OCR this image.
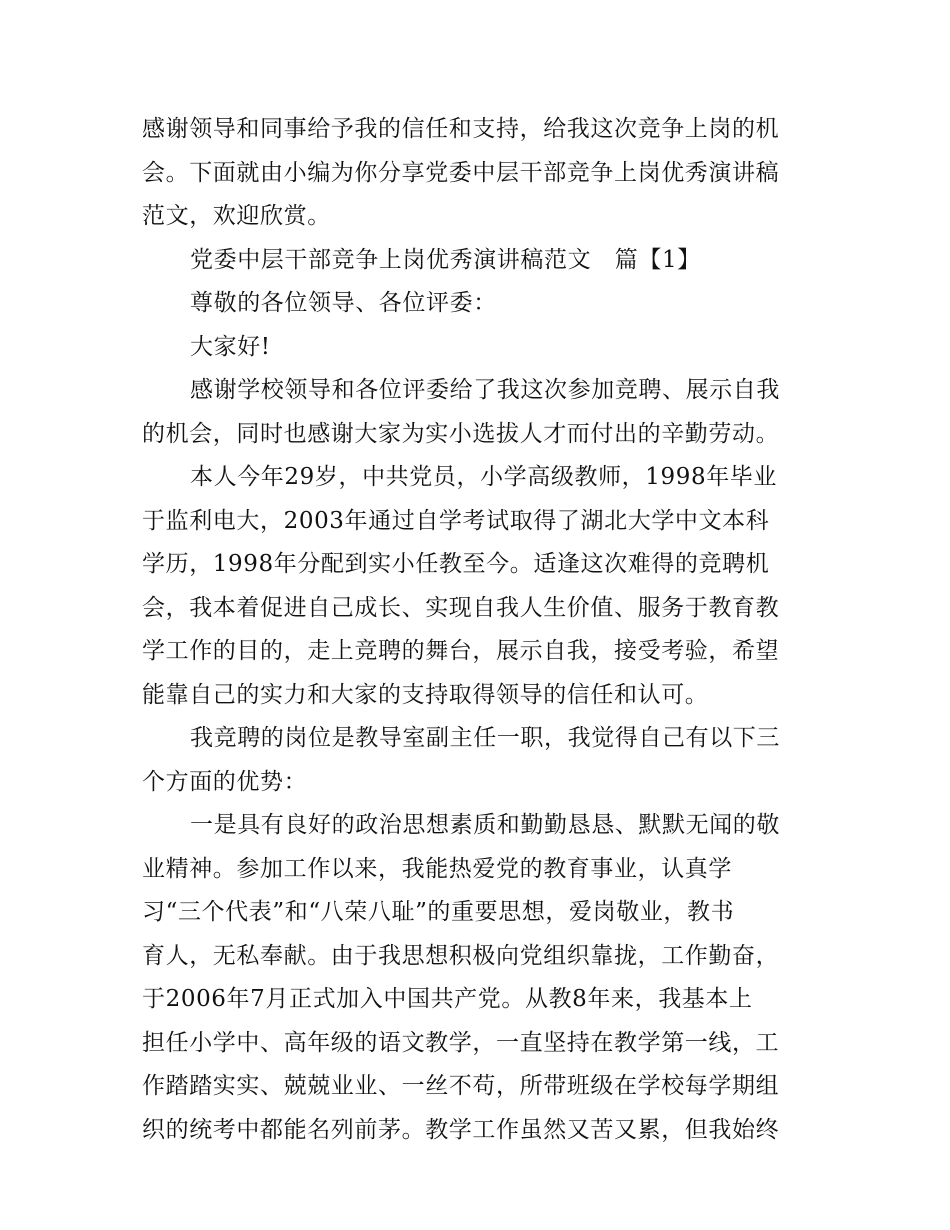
感谢领导和同事给予我的信任和支持，给我这次竞争上岗的机
会。下面就由小编为你分享党委中层干部竞争上岗优秀演讲稿
范文，欢迎欣赏。
党委中层干部竞争上岗优秀演讲稿范文　篇【1】
尊敬的各位领导、各位评委：
大家好!
感谢学校领导和各位评委给了我这次参加竞聘、展示自我
的机会，同时也感谢大家为实小选拔人才而付出的辛勤劳动。
本人今年29岁，中共党员，小学高级教师，1998年毕业
于监利电大，2003年通过自学考试取得了湖北大学中文本科
学历，1998年分配到实小任教至今。适逢这次难得的竞聘机
会，我本着促进自己成长、实现自我人生价值、服务于教育教
学工作的目的，走上竞聘的舞台，展示自我，接受考验，希望
能靠自己的实力和大家的支持取得领导的信任和认可。
我竞聘的岗位是教导室副主任一职，我觉得自己有以下三
个方面的优势：
一是具有良好的政治思想素质和勤勤恳恳、默默无闻的敬
业精神。参加工作以来，我能热爱党的教育事业，认真学
习“三个代表”和“八荣八耻”的重要思想，爱岗敬业，教书
育人，无私奉献。由于我思想积极向党组织靠拢，工作勤奋，
于2006年7月正式加入中国共产党。从教8年来，我基本上
担任小学中、高年级的语文教学，一直坚持在教学第一线，工
作踏踏实实、兢兢业业、一丝不苟，所带班级在学校每学期组
织的统考中都能名列前茅。教学工作虽然又苦又累，但我始终
